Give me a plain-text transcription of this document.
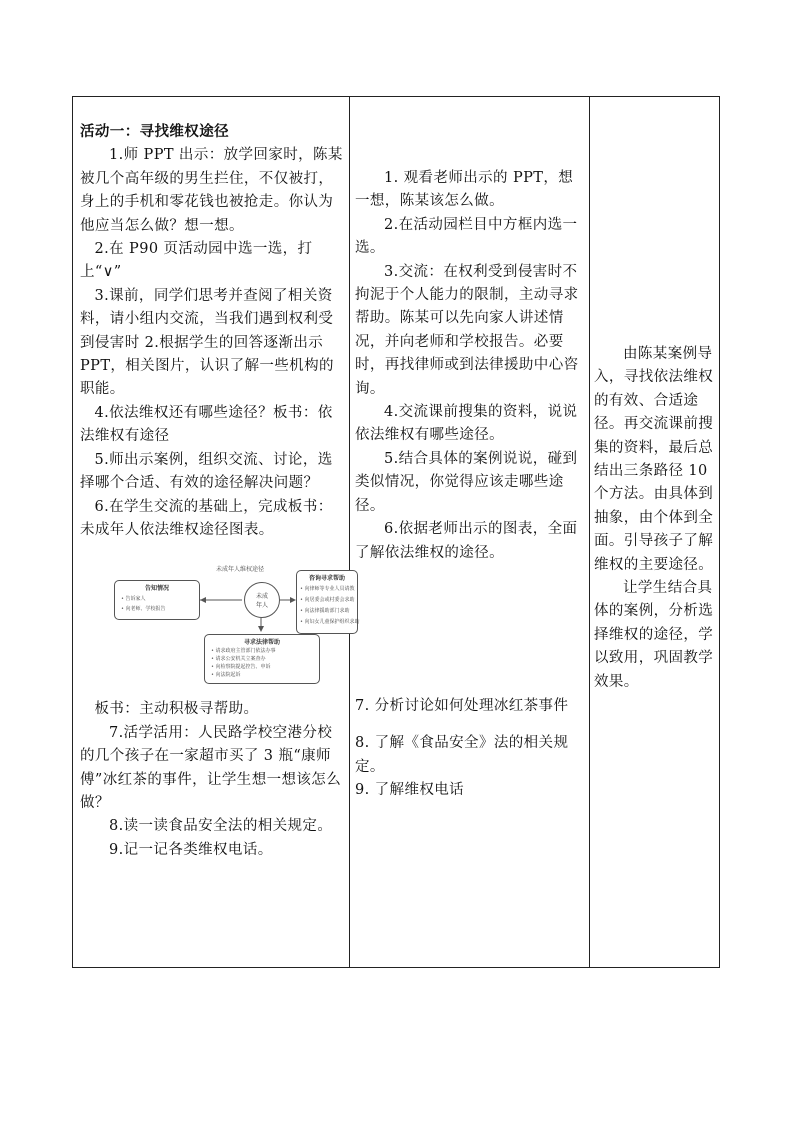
活动一：寻找维权途径

1.师 PPT 出示：放学回家时，陈某被几个高年级的男生拦住，不仅被打，身上的手机和零花钱也被抢走。你认为他应当怎么做？想一想。

2.在 P90 页活动园中选一选，打上“∨”

3.课前，同学们思考并查阅了相关资料，请小组内交流，当我们遇到权利受到侵害时 2.根据学生的回答逐渐出示 PPT，相关图片，认识了解一些机构的职能。

4.依法维权还有哪些途径？板书：依法维权有途径

5.师出示案例，组织交流、讨论，选择哪个合适、有效的途径解决问题？

6.在学生交流的基础上，完成板书：未成年人依法维权途径图表。

未成年人维权途径
告知情况
• 告诉家人
• 向老师、学校报告
未成
年人
咨询寻求帮助
• 向律师等专业人员请教
• 向居委会或村委会求助
• 向法律援助部门求助
• 向妇女儿童保护组织求助
寻求法律帮助
• 请求政府主管部门依法办事
• 请求公安机关立案查办
• 向检察院提起控告、申诉
• 向法院起诉

板书：主动积极寻帮助。

7.活学活用：人民路学校空港分校的几个孩子在一家超市买了 3 瓶“康师傅”冰红茶的事件，让学生想一想该怎么做？

8.读一读食品安全法的相关规定。

9.记一记各类维权电话。

1. 观看老师出示的 PPT，想一想，陈某该怎么做。

2.在活动园栏目中方框内选一选。

3.交流：在权利受到侵害时不拘泥于个人能力的限制，主动寻求帮助。陈某可以先向家人讲述情况，并向老师和学校报告。必要时，再找律师或到法律援助中心咨询。

4.交流课前搜集的资料，说说依法维权有哪些途径。

5.结合具体的案例说说，碰到类似情况，你觉得应该走哪些途径。

6.依据老师出示的图表，全面了解依法维权的途径。

7. 分析讨论如何处理冰红茶事件

8. 了解《食品安全》法的相关规定。

9. 了解维权电话

由陈某案例导入，寻找依法维权的有效、合适途径。再交流课前搜集的资料，最后总结出三条路径 10 个方法。由具体到抽象，由个体到全面。引导孩子了解维权的主要途径。

让学生结合具体的案例，分析选择维权的途径，学以致用，巩固教学效果。
